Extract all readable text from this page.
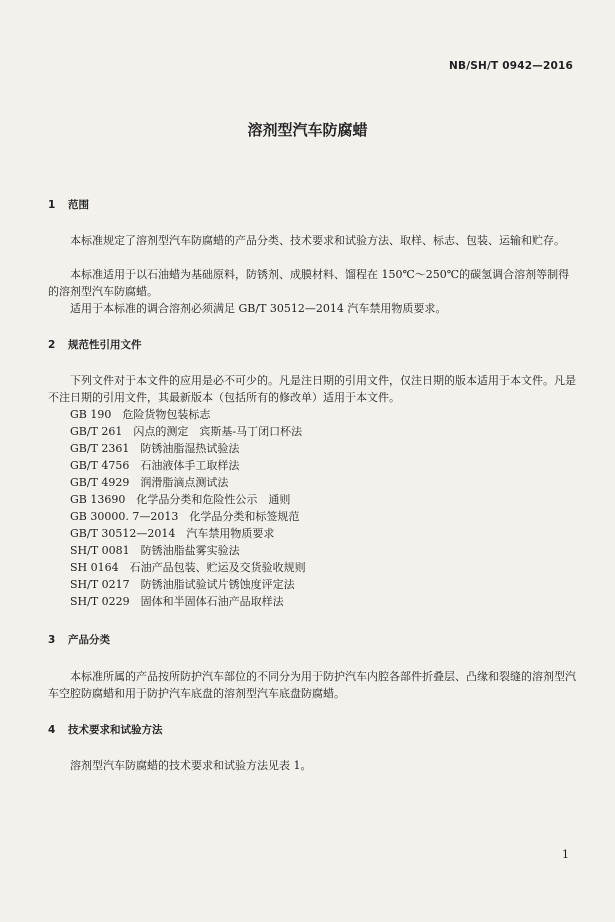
NB/SH/T 0942—2016
溶剂型汽车防腐蜡
1 范围

本标准规定了溶剂型汽车防腐蜡的产品分类、技术要求和试验方法、取样、标志、包装、运输和贮存。

本标准适用于以石油蜡为基础原料，防锈剂、成膜材料、馏程在 150℃～250℃的碳氢调合溶剂等制得的溶剂型汽车防腐蜡。

适用于本标准的调合溶剂必须满足 GB/T 30512—2014 汽车禁用物质要求。

2 规范性引用文件

下列文件对于本文件的应用是必不可少的。凡是注日期的引用文件，仅注日期的版本适用于本文件。凡是不注日期的引用文件，其最新版本（包括所有的修改单）适用于本文件。

GB 190　危险货物包装标志
GB/T 261　闪点的测定　宾斯基-马丁闭口杯法
GB/T 2361　防锈油脂湿热试验法
GB/T 4756　石油液体手工取样法
GB/T 4929　润滑脂滴点测试法
GB 13690　化学品分类和危险性公示　通则
GB 30000. 7—2013　化学品分类和标签规范
GB/T 30512—2014　汽车禁用物质要求
SH/T 0081　防锈油脂盐雾实验法
SH 0164　石油产品包装、贮运及交货验收规则
SH/T 0217　防锈油脂试验试片锈蚀度评定法
SH/T 0229　固体和半固体石油产品取样法
3 产品分类

本标准所属的产品按所防护汽车部位的不同分为用于防护汽车内腔各部件折叠层、凸缘和裂缝的溶剂型汽车空腔防腐蜡和用于防护汽车底盘的溶剂型汽车底盘防腐蜡。

4 技术要求和试验方法

溶剂型汽车防腐蜡的技术要求和试验方法见表 1。

1
